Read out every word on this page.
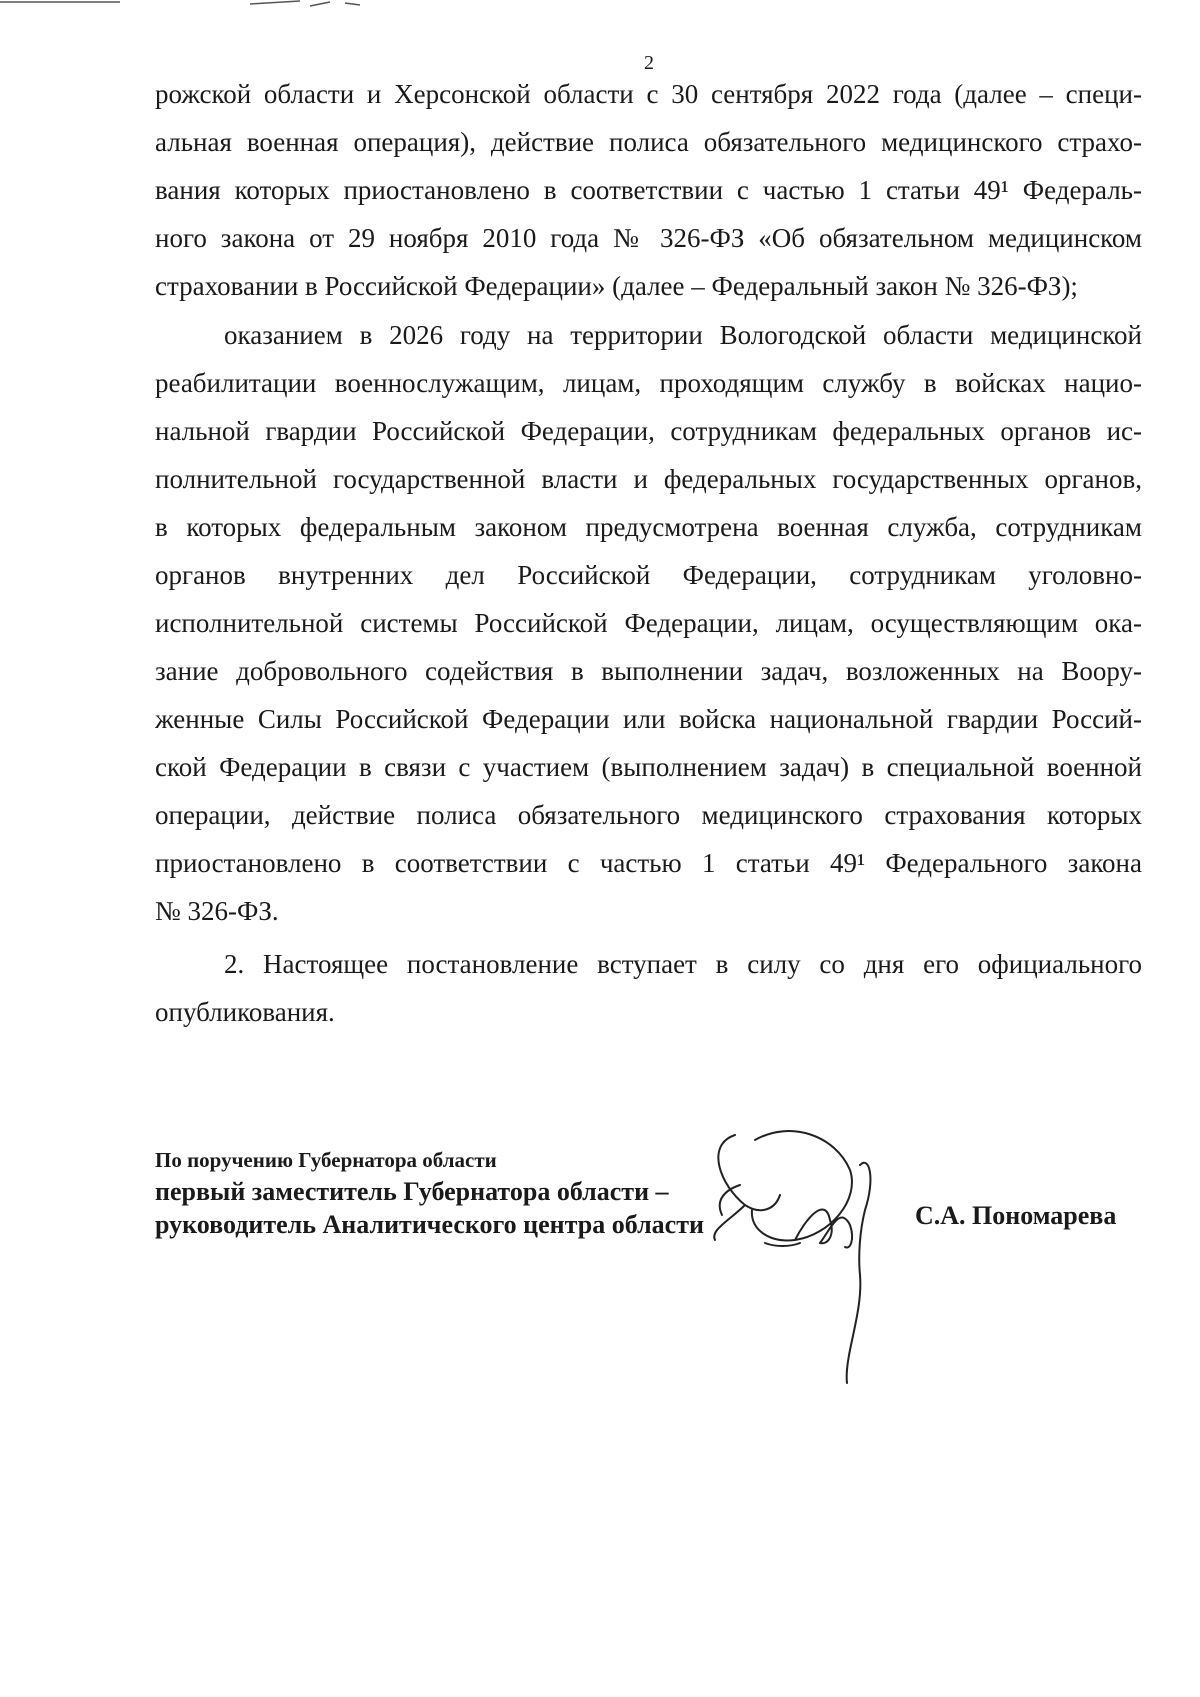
2
рожской области и Херсонской области с 30 сентября 2022 года (далее – специ-
альная военная операция), действие полиса обязательного медицинского страхо-
вания которых приостановлено в соответствии с частью 1 статьи 49¹ Федераль-
ного закона от 29 ноября 2010 года № 326-ФЗ «Об обязательном медицинском
страховании в Российской Федерации» (далее – Федеральный закон № 326-ФЗ);
оказанием в 2026 году на территории Вологодской области медицинской
реабилитации военнослужащим, лицам, проходящим службу в войсках нацио-
нальной гвардии Российской Федерации, сотрудникам федеральных органов ис-
полнительной государственной власти и федеральных государственных органов,
в которых федеральным законом предусмотрена военная служба, сотрудникам
органов внутренних дел Российской Федерации, сотрудникам уголовно-
исполнительной системы Российской Федерации, лицам, осуществляющим ока-
зание добровольного содействия в выполнении задач, возложенных на Воору-
женные Силы Российской Федерации или войска национальной гвардии Россий-
ской Федерации в связи с участием (выполнением задач) в специальной военной
операции, действие полиса обязательного медицинского страхования которых
приостановлено в соответствии с частью 1 статьи 49¹ Федерального закона
№ 326-ФЗ.
2. Настоящее постановление вступает в силу со дня его официального
опубликования.
По поручению Губернатора области
первый заместитель Губернатора области –
руководитель Аналитического центра области	С.А. Пономарева
